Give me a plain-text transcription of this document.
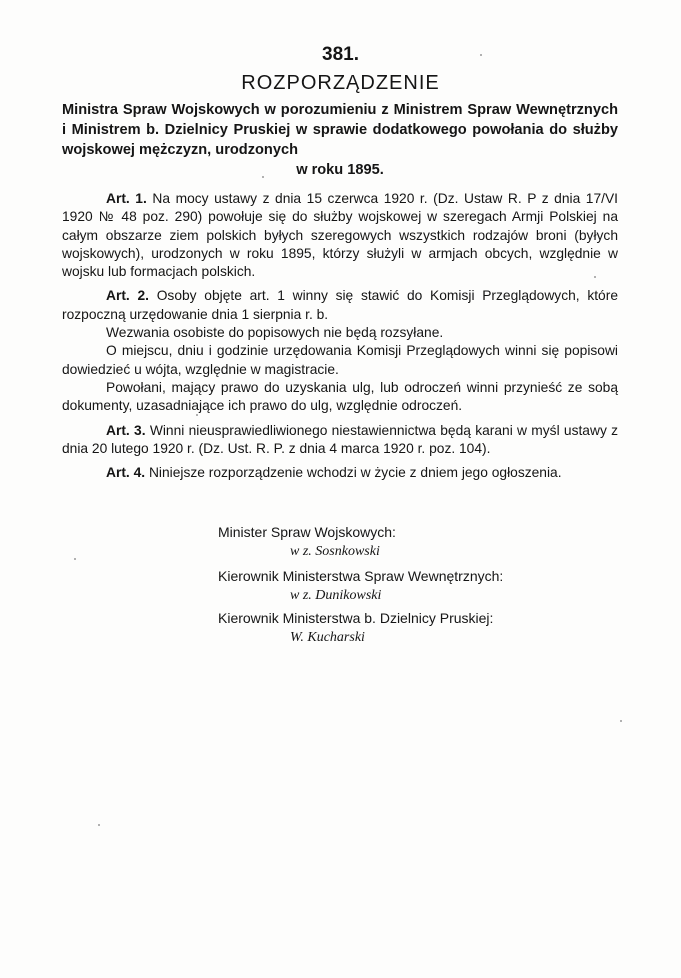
381.
ROZPORZĄDZENIE
Ministra Spraw Wojskowych w porozumieniu z Ministrem Spraw Wewnętrznych i Ministrem b. Dzielnicy Pruskiej w sprawie dodatkowego powołania do służby wojskowej mężczyzn, urodzonych
w roku 1895.

Art. 1. Na mocy ustawy z dnia 15 czerwca 1920 r. (Dz. Ustaw R. P z dnia 17/VI 1920 № 48 poz. 290) powołuje się do służby wojskowej w szeregach Armji Polskiej na całym obszarze ziem polskich byłych szeregowych wszystkich rodzajów broni (byłych wojskowych), urodzonych w roku 1895, którzy służyli w armjach obcych, względnie w wojsku lub formacjach polskich.

Art. 2. Osoby objęte art. 1 winny się stawić do Komisji Przeglądowych, które rozpoczną urzędowanie dnia 1 sierpnia r. b.

Wezwania osobiste do popisowych nie będą rozsyłane.

O miejscu, dniu i godzinie urzędowania Komisji Przeglądowych winni się popisowi dowiedzieć u wójta, względnie w magistracie.

Powołani, mający prawo do uzyskania ulg, lub odroczeń winni przynieść ze sobą dokumenty, uzasadniające ich prawo do ulg, względnie odroczeń.

Art. 3. Winni nieusprawiedliwionego niestawiennictwa będą karani w myśl ustawy z dnia 20 lutego 1920 r. (Dz. Ust. R. P. z dnia 4 marca 1920 r. poz. 104).

Art. 4. Niniejsze rozporządzenie wchodzi w życie z dniem jego ogłoszenia.

Minister Spraw Wojskowych:
w z. Sosnkowski
Kierownik Ministerstwa Spraw Wewnętrznych:
w z. Dunikowski
Kierownik Ministerstwa b. Dzielnicy Pruskiej:
W. Kucharski
